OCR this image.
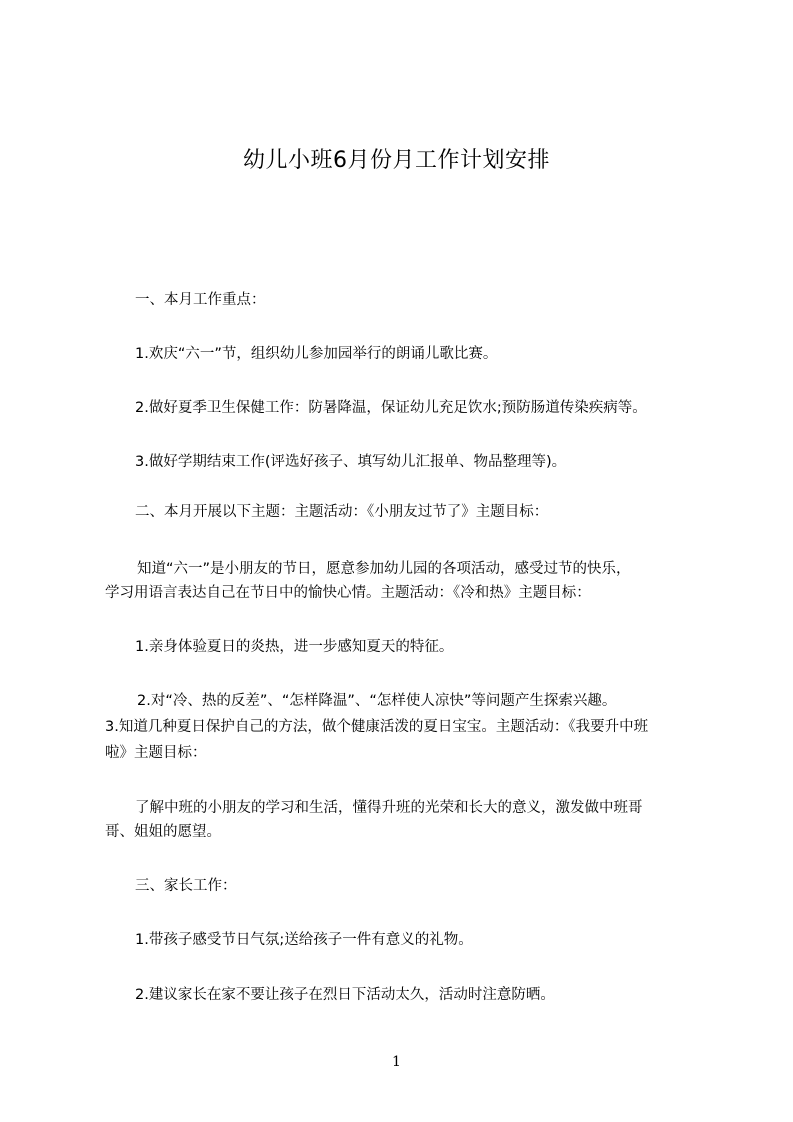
幼儿小班6月份月工作计划安排
一、本月工作重点：
1.欢庆“六一”节，组织幼儿参加园举行的朗诵儿歌比赛。
2.做好夏季卫生保健工作：防暑降温，保证幼儿充足饮水;预防肠道传染疾病等。
3.做好学期结束工作(评选好孩子、填写幼儿汇报单、物品整理等)。
二、本月开展以下主题：主题活动：《小朋友过节了》主题目标：
知道“六一”是小朋友的节日，愿意参加幼儿园的各项活动，感受过节的快乐，
学习用语言表达自己在节日中的愉快心情。主题活动：《冷和热》主题目标：
1.亲身体验夏日的炎热，进一步感知夏天的特征。
2.对“冷、热的反差”、“怎样降温”、“怎样使人凉快”等问题产生探索兴趣。
3.知道几种夏日保护自己的方法，做个健康活泼的夏日宝宝。主题活动：《我要升中班
啦》主题目标：
了解中班的小朋友的学习和生活，懂得升班的光荣和长大的意义，激发做中班哥
哥、姐姐的愿望。
三、家长工作：
1.带孩子感受节日气氛;送给孩子一件有意义的礼物。
2.建议家长在家不要让孩子在烈日下活动太久，活动时注意防晒。
1
